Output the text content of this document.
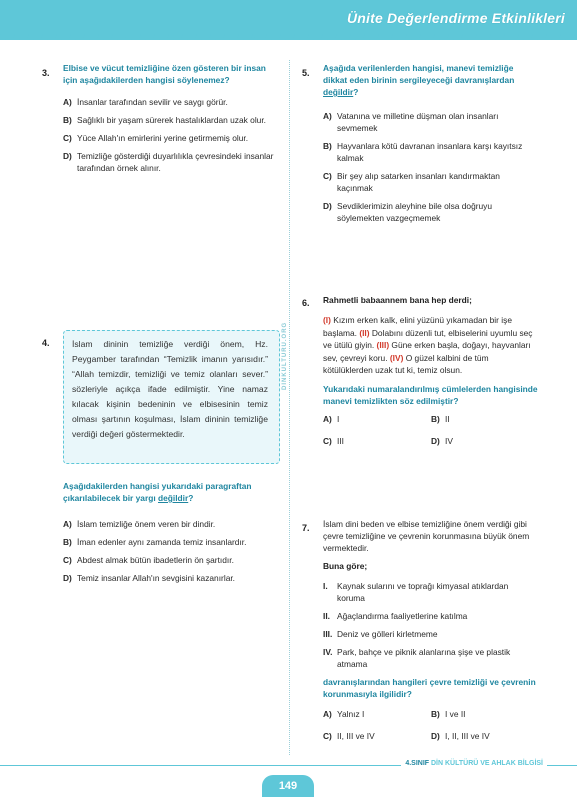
Ünite Değerlendirme Etkinlikleri
DINKULTURU.ORG
3. Elbise ve vücut temizliğine özen gösteren bir insan için aşağıdakilerden hangisi söylenemez?
A) İnsanlar tarafından sevilir ve saygı görür.
B) Sağlıklı bir yaşam sürerek hastalıklardan uzak olur.
C) Yüce Allah'ın emirlerini yerine getirmemiş olur.
D) Temizliğe gösterdiği duyarlılıkla çevresindeki insanlar tarafından örnek alınır.
4.	İslam dininin temizliğe verdiği önem, Hz. Peygamber tarafından “Temizlik imanın yarısıdır.” “Allah temizdir, temizliği ve temiz olanları sever.” sözleriyle açıkça ifade edilmiştir. Yine namaz kılacak kişinin bedeninin ve elbisesinin temiz olması şartının koşulması, İslam dininin temizliğe verdiği değeri göstermektedir.
Aşağıdakilerden hangisi yukarıdaki paragraftan çıkarılabilecek bir yargı değildir?
A) İslam temizliğe önem veren bir dindir.
B) İman edenler aynı zamanda temiz insanlardır.
C) Abdest almak bütün ibadetlerin ön şartıdır.
D) Temiz insanlar Allah'ın sevgisini kazanırlar.
5. Aşağıda verilenlerden hangisi, manevi temizliğe dikkat eden birinin sergileyeceği davranışlardan değildir?
A) Vatanına ve milletine düşman olan insanları sevmemek
B) Hayvanlara kötü davranan insanlara karşı kayıtsız kalmak
C) Bir şey alıp satarken insanları kandırmaktan kaçınmak
D) Sevdiklerimizin aleyhine bile olsa doğruyu söylemekten vazgeçmemek
6. Rahmetli babaannem bana hep derdi;
(I) Kızım erken kalk, elini yüzünü yıkamadan bir işe başlama. (II) Dolabını düzenli tut, elbiselerini uyumlu seç ve ütülü giyin. (III) Güne erken başla, doğayı, hayvanları sev, çevreyi koru. (IV) O güzel kalbini de tüm kötülüklerden uzak tut ki, temiz olsun.
Yukarıdaki numaralandırılmış cümlelerden hangisinde manevi temizlikten söz edilmiştir?
A) I	B) II
C) III	D) IV
7. İslam dini beden ve elbise temizliğine önem verdiği gibi çevre temizliğine ve çevrenin korunmasına büyük önem vermektedir.
Buna göre;
I. Kaynak sularını ve toprağı kimyasal atıklardan koruma
II. Ağaçlandırma faaliyetlerine katılma
III. Deniz ve gölleri kirletmeme
IV. Park, bahçe ve piknik alanlarına şişe ve plastik atmama
davranışlarından hangileri çevre temizliği ve çevrenin korunmasıyla ilgilidir?
A) Yalnız I	B) I ve II
C) II, III ve IV	D) I, II, III ve IV
4.SINIF DİN KÜLTÜRÜ VE AHLAK BİLGİSİ
149
